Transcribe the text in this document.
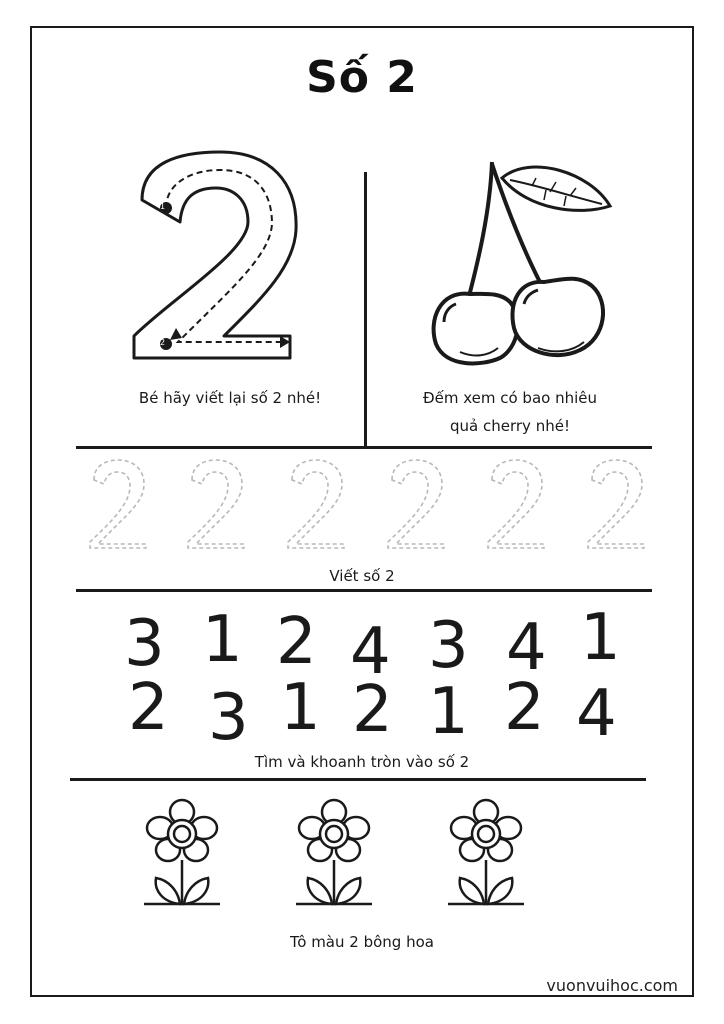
Số 2
1
2
Bé hãy viết lại số 2 nhé!	Đếm xem có bao nhiêu
quả cherry nhé!
Viết số 2
3 1 2 4 3 4 1
2 3 1 2 1 2 4
Tìm và khoanh tròn vào số 2
Tô màu 2 bông hoa
vuonvuihoc.com
